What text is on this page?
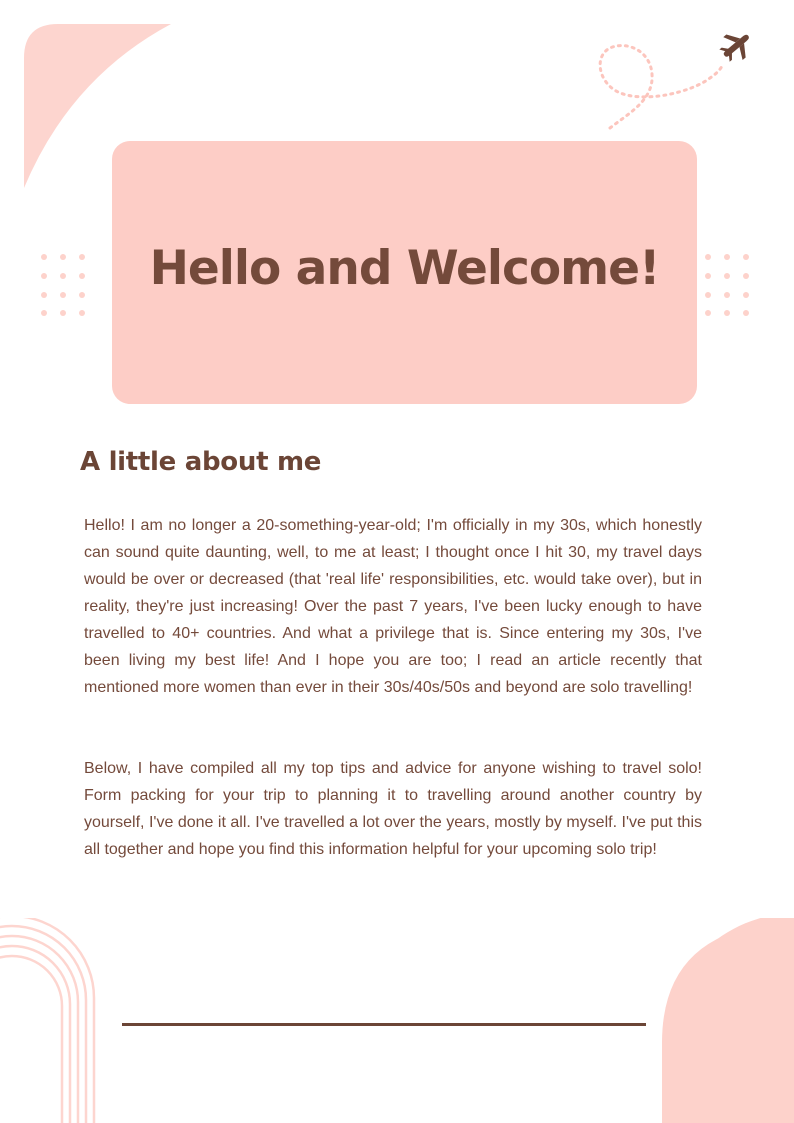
Hello and Welcome!
A little about me

Hello! I am no longer a 20-something-year-old; I'm officially in my 30s, which honestly can sound quite daunting, well, to me at least; I thought once I hit 30, my travel days would be over or decreased (that 'real life' responsibilities, etc. would take over), but in reality, they're just increasing! Over the past 7 years, I've been lucky enough to have travelled to 40+ countries. And what a privilege that is. Since entering my 30s, I've been living my best life! And I hope you are too; I read an article recently that mentioned more women than ever in their 30s/40s/50s and beyond are solo travelling!

Below, I have compiled all my top tips and advice for anyone wishing to travel solo! Form packing for your trip to planning it to travelling around another country by yourself, I've done it all. I've travelled a lot over the years, mostly by myself. I've put this all together and hope you find this information helpful for your upcoming solo trip!
